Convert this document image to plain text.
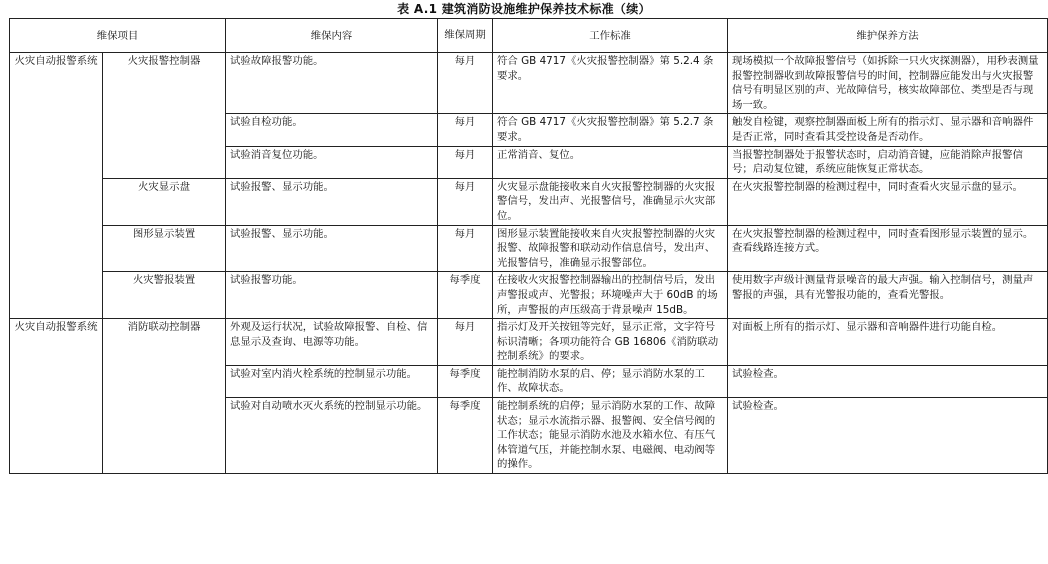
表 A.1 建筑消防设施维护保养技术标准（续）
维保项目		维保内容	维保周期	工作标准	维护保养方法
火灾自动报警系统	火灾报警控制器	试验故障报警功能。	每月	符合 GB 4717《火灾报警控制器》第 5.2.4 条要求。	现场模拟一个故障报警信号（如拆除一只火灾探测器），用秒表测量报警控制器收到故障报警信号的时间，控制器应能发出与火灾报警信号有明显区别的声、光故障信号，核实故障部位、类型是否与现场一致。
		试验自检功能。	每月	符合 GB 4717《火灾报警控制器》第 5.2.7 条要求。	触发自检键，观察控制器面板上所有的指示灯、显示器和音响器件是否正常，同时查看其受控设备是否动作。
		试验消音复位功能。	每月	正常消音、复位。	当报警控制器处于报警状态时，启动消音键，应能消除声报警信号；启动复位键，系统应能恢复正常状态。
	火灾显示盘	试验报警、显示功能。	每月	火灾显示盘能接收来自火灾报警控制器的火灾报警信号，发出声、光报警信号，准确显示火灾部位。	在火灾报警控制器的检测过程中，同时查看火灾显示盘的显示。
	图形显示装置	试验报警、显示功能。	每月	图形显示装置能接收来自火灾报警控制器的火灾报警、故障报警和联动动作信息信号，发出声、光报警信号，准确显示报警部位。	在火灾报警控制器的检测过程中，同时查看图形显示装置的显示。查看线路连接方式。
	火灾警报装置	试验报警功能。	每季度	在接收火灾报警控制器输出的控制信号后，发出声警报或声、光警报；环境噪声大于 60dB 的场所，声警报的声压级高于背景噪声 15dB。	使用数字声级计测量背景噪音的最大声强。输入控制信号，测量声警报的声强，具有光警报功能的，查看光警报。
火灾自动报警系统	消防联动控制器	外观及运行状况，试验故障报警、自检、信息显示及查询、电源等功能。	每月	指示灯及开关按钮等完好，显示正常，文字符号标识清晰；各项功能符合 GB 16806《消防联动控制系统》的要求。	对面板上所有的指示灯、显示器和音响器件进行功能自检。
		试验对室内消火栓系统的控制显示功能。	每季度	能控制消防水泵的启、停；显示消防水泵的工作、故障状态。	试验检查。
		试验对自动喷水灭火系统的控制显示功能。	每季度	能控制系统的启停；显示消防水泵的工作、故障状态；显示水流指示器、报警阀、安全信号阀的工作状态；能显示消防水池及水箱水位、有压气体管道气压，并能控制水泵、电磁阀、电动阀等的操作。	试验检查。
